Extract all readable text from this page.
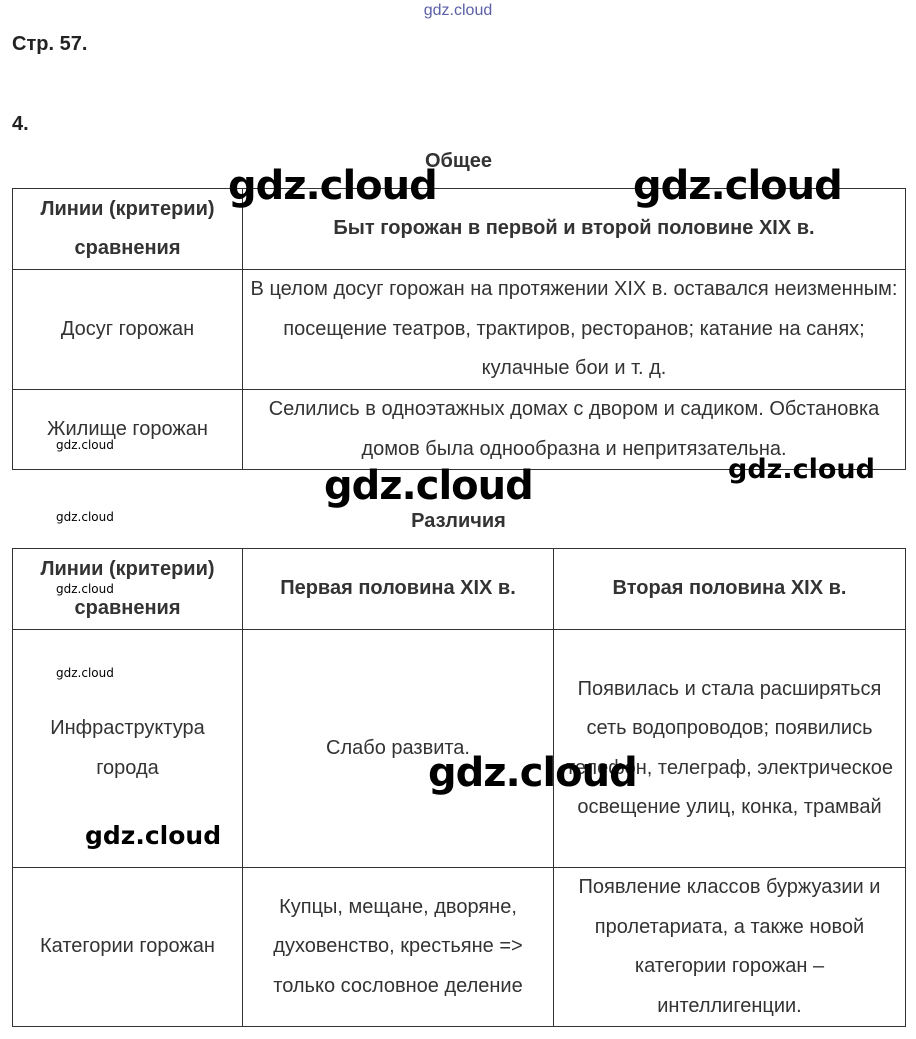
gdz.cloud
Стр. 57.
4.
Общее
Линии (критерии) сравнения	Быт горожан в первой и второй половине XIX в.
Досуг горожан	В целом досуг горожан на протяжении XIX в. оставался неизменным: посещение театров, трактиров, ресторанов; катание на санях; кулачные бои и т. д.
Жилище горожан	Селились в одноэтажных домах с двором и садиком. Обстановка домов была однообразна и непритязательна.
Различия
Линии (критерии) сравнения	Первая половина XIX в.	Вторая половина XIX в.
Инфраструктура города	Слабо развита.	Появилась и стала расширяться сеть водопроводов; появились телефон, телеграф, электрическое освещение улиц, конка, трамвай
Категории горожан	Купцы, мещане, дворяне, духовенство, крестьяне => только сословное деление	Появление классов буржуазии и пролетариата, а также новой категории горожан – интеллигенции.
gdz.cloud	gdz.cloud
gdz.cloud
gdz.cloud
gdz.cloud
gdz.cloud
gdz.cloud
gdz.cloud
gdz.cloud
gdz.cloud
